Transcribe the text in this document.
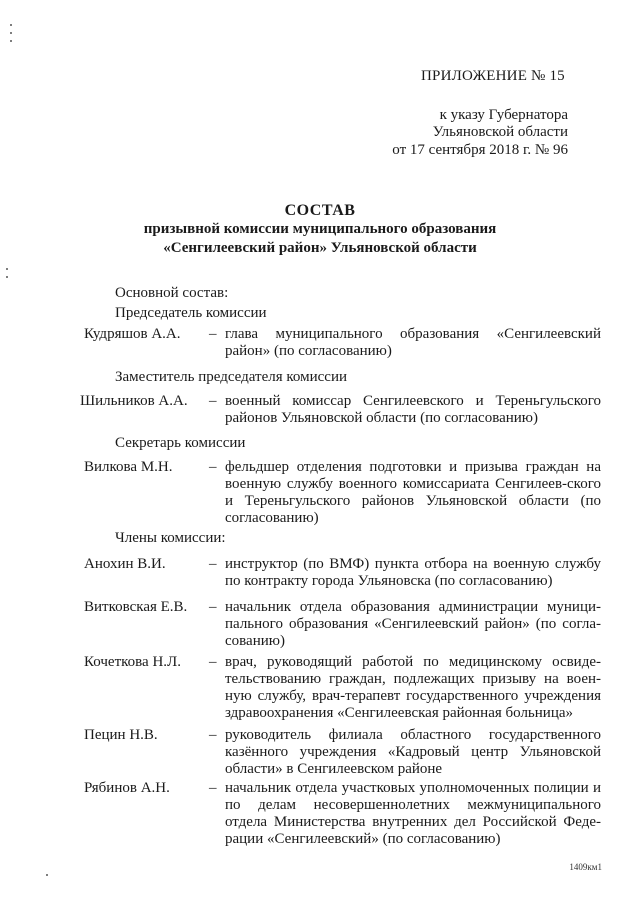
ПРИЛОЖЕНИЕ № 15
к указу Губернатора
Ульяновской области
от 17 сентября 2018 г. № 96
СОСТАВ
призывной комиссии муниципального образования
«Сенгилеевский район» Ульяновской области
Основной состав:
Председатель комиссии
Заместитель председателя комиссии
Секретарь комиссии
Члены комиссии:
Кудряшов А.А. – глава муниципального образования «Сенгилеевский район» (по согласованию)
Шильников А.А. – военный комиссар Сенгилеевского и Тереньгульского районов Ульяновской области (по согласованию)
Вилкова М.Н. – фельдшер отделения подготовки и призыва граждан на военную службу военного комиссариата Сенгилеев-ского и Тереньгульского районов Ульяновской области (по согласованию)
Анохин В.И.	– инструктор (по ВМФ) пункта отбора на военную службу по контракту города Ульяновска (по согласованию)
Витковская Е.В. – начальник отдела образования администрации муници-пального образования «Сенгилеевский район» (по согла-сованию)
Кочеткова Н.Л. – врач, руководящий работой по медицинскому освиде-тельствованию граждан, подлежащих призыву на воен-ную службу, врач-терапевт государственного учреждения здравоохранения «Сенгилеевская районная больница»
Пецин Н.В.	– руководитель филиала областного государственного казённого учреждения «Кадровый центр Ульяновской области» в Сенгилеевском районе
Рябинов А.Н.	– начальник отдела участковых уполномоченных полиции и по делам несовершеннолетних межмуниципального отдела Министерства внутренних дел Российской Феде-рации «Сенгилеевский» (по согласованию)
1409км1
